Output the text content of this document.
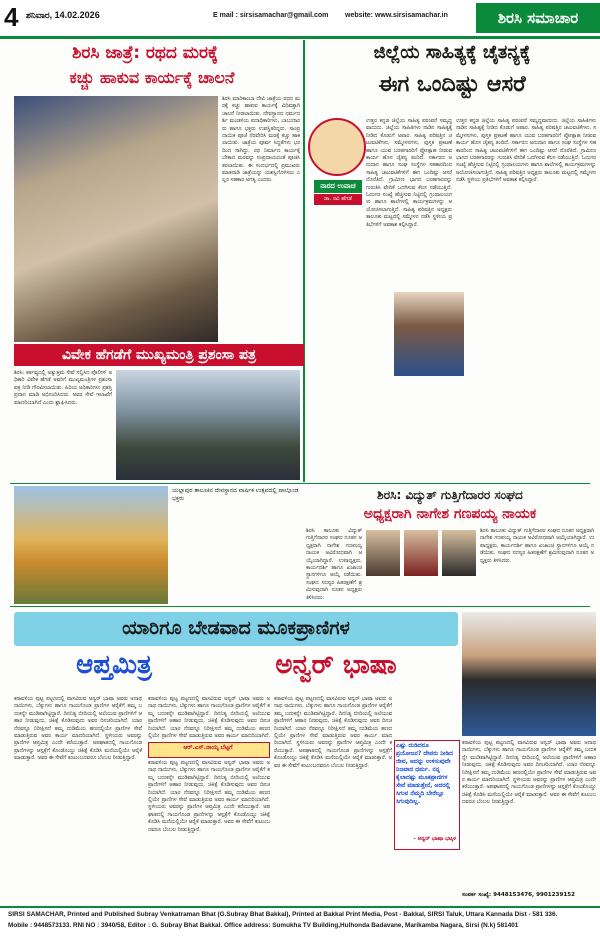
4 ಶನಿವಾರ, 14.02.2026	E mail : sirsisamachar@gmail.com website: www.sirsisamachar.in	ಶಿರಸಿ ಸಮಾಚಾರ
ಶಿರಸಿ ಜಾತ್ರೆ: ರಥದ ಮರಕ್ಕೆ
ಕಚ್ಚು ಹಾಕುವ ಕಾರ್ಯಕ್ಕೆ ಚಾಲನೆ
ಶಿರಸಿ ಮಾರಿಕಾಂಬಾ ದೇವಿ ಜಾತ್ರೆಯ ರಥದ ಮರಕ್ಕೆ ಕಚ್ಚು ಹಾಕುವ ಕಾರ್ಯಕ್ಕೆ ವಿಧಿವತ್ತಾಗಿ ಚಾಲನೆ ನೀಡಲಾಯಿತು. ದೇವಸ್ಥಾನದ ಧರ್ಮದರ್ಶಿ ಮಂಡಳಿಯ ಪದಾಧಿಕಾರಿಗಳು, ಬಾಬುದಾರರು ಹಾಗೂ ಭಕ್ತರು ಉಪಸ್ಥಿತರಿದ್ದರು. ಸಾಂಪ್ರದಾಯಿಕ ಪೂಜೆ ನೆರವೇರಿಸಿ ಮರಕ್ಕೆ ಕಚ್ಚು ಹಾಕಲಾಯಿತು. ಜಾತ್ರೆಯ ಪೂರ್ವ ಸಿದ್ಧತೆಗಳು ಭರದಿಂದ ಸಾಗಿದ್ದು, ರಥ ನಿರ್ಮಾಣ ಕಾರ್ಯಕ್ಕೆ ಬೇಕಾದ ಮರವನ್ನು ಸಂಪ್ರದಾಯದಂತೆ ಪೂಜಿಸಿ ತರಲಾಯಿತು. ಈ ಸಂದರ್ಭದಲ್ಲಿ ಪ್ರಮುಖರು ಮಾತನಾಡಿ ಜಾತ್ರೆಯನ್ನು ಯಶಸ್ವಿಗೊಳಿಸಲು ಎಲ್ಲರ ಸಹಕಾರ ಅಗತ್ಯ ಎಂದರು.
ಜಿಲ್ಲೆಯ ಸಾಹಿತ್ಯಕ್ಕೆ ಚೈತನ್ಯಕ್ಕೆ
ಈಗ ಒಂದಿಷ್ಟು ಆಸರೆ
ನಾರದ ಉವಾಚ
ಡಾ. ರವಿ ಹೆಗಡೆ
ಉತ್ತರ ಕನ್ನಡ ಜಿಲ್ಲೆಯ ಸಾಹಿತ್ಯ ಪರಂಪರೆ ಸಮೃದ್ಧವಾದುದು. ಜಿಲ್ಲೆಯ ಸಾಹಿತಿಗಳು ನಾಡಿನ ಸಾಹಿತ್ಯಕ್ಕೆ ನೀಡಿದ ಕೊಡುಗೆ ಅಪಾರ. ಸಾಹಿತ್ಯ ಪರಿಷತ್ತಿನ ಚಟುವಟಿಕೆಗಳು, ಸಮ್ಮೇಳನಗಳು, ಪುಸ್ತಕ ಪ್ರಕಟಣೆ ಹಾಗೂ ಯುವ ಬರಹಗಾರರಿಗೆ ಪ್ರೋತ್ಸಾಹ ನೀಡುವ ಕಾರ್ಯ ಹೊಸ ಚೈತನ್ಯ ತಂದಿದೆ. ಸರ್ಕಾರದ ಅನುದಾನ ಹಾಗೂ ಸಂಘ ಸಂಸ್ಥೆಗಳ ಸಹಕಾರದಿಂದ ಸಾಹಿತ್ಯ ಚಟುವಟಿಕೆಗಳಿಗೆ ಈಗ ಒಂದಿಷ್ಟು ಆಸರೆ ದೊರೆತಿದೆ. ಗ್ರಾಮೀಣ ಭಾಗದ ಬರಹಗಾರರನ್ನು ಗುರುತಿಸಿ ವೇದಿಕೆ ಒದಗಿಸುವ ಕೆಲಸ ನಡೆಯುತ್ತಿದೆ. ಓದುಗರ ಸಂಖ್ಯೆ ಹೆಚ್ಚಿಸುವ ನಿಟ್ಟಿನಲ್ಲಿ ಗ್ರಂಥಾಲಯಗಳು ಹಾಗೂ ಶಾಲೆಗಳಲ್ಲಿ ಕಾರ್ಯಕ್ರಮಗಳನ್ನು ಆಯೋಜಿಸಲಾಗುತ್ತಿದೆ. ಸಾಹಿತ್ಯ ಪರಿಷತ್ತಿನ ಅಧ್ಯಕ್ಷರು ತಾಲೂಕು ಮಟ್ಟದಲ್ಲಿ ಸಮ್ಮೇಳನ ನಡೆಸಿ ಸ್ಥಳೀಯ ಪ್ರತಿಭೆಗಳಿಗೆ ಅವಕಾಶ ಕಲ್ಪಿಸಿದ್ದಾರೆ.
ಉತ್ತರ ಕನ್ನಡ ಜಿಲ್ಲೆಯ ಸಾಹಿತ್ಯ ಪರಂಪರೆ ಸಮೃದ್ಧವಾದುದು. ಜಿಲ್ಲೆಯ ಸಾಹಿತಿಗಳು ನಾಡಿನ ಸಾಹಿತ್ಯಕ್ಕೆ ನೀಡಿದ ಕೊಡುಗೆ ಅಪಾರ. ಸಾಹಿತ್ಯ ಪರಿಷತ್ತಿನ ಚಟುವಟಿಕೆಗಳು, ಸಮ್ಮೇಳನಗಳು, ಪುಸ್ತಕ ಪ್ರಕಟಣೆ ಹಾಗೂ ಯುವ ಬರಹಗಾರರಿಗೆ ಪ್ರೋತ್ಸಾಹ ನೀಡುವ ಕಾರ್ಯ ಹೊಸ ಚೈತನ್ಯ ತಂದಿದೆ. ಸರ್ಕಾರದ ಅನುದಾನ ಹಾಗೂ ಸಂಘ ಸಂಸ್ಥೆಗಳ ಸಹಕಾರದಿಂದ ಸಾಹಿತ್ಯ ಚಟುವಟಿಕೆಗಳಿಗೆ ಈಗ ಒಂದಿಷ್ಟು ಆಸರೆ ದೊರೆತಿದೆ. ಗ್ರಾಮೀಣ ಭಾಗದ ಬರಹಗಾರರನ್ನು ಗುರುತಿಸಿ ವೇದಿಕೆ ಒದಗಿಸುವ ಕೆಲಸ ನಡೆಯುತ್ತಿದೆ. ಓದುಗರ ಸಂಖ್ಯೆ ಹೆಚ್ಚಿಸುವ ನಿಟ್ಟಿನಲ್ಲಿ ಗ್ರಂಥಾಲಯಗಳು ಹಾಗೂ ಶಾಲೆಗಳಲ್ಲಿ ಕಾರ್ಯಕ್ರಮಗಳನ್ನು ಆಯೋಜಿಸಲಾಗುತ್ತಿದೆ. ಸಾಹಿತ್ಯ ಪರಿಷತ್ತಿನ ಅಧ್ಯಕ್ಷರು ತಾಲೂಕು ಮಟ್ಟದಲ್ಲಿ ಸಮ್ಮೇಳನ ನಡೆಸಿ ಸ್ಥಳೀಯ ಪ್ರತಿಭೆಗಳಿಗೆ ಅವಕಾಶ ಕಲ್ಪಿಸಿದ್ದಾರೆ.
ವಿವೇಕ ಹೆಗಡೆಗೆ ಮುಖ್ಯಮಂತ್ರಿ ಪ್ರಶಂಸಾ ಪತ್ರ
ಶಿರಸಿ: ಕರ್ತವ್ಯದಲ್ಲಿ ಅತ್ಯುತ್ತಮ ಸೇವೆ ಸಲ್ಲಿಸಿದ ಪೊಲೀಸ್ ಅಧಿಕಾರಿ ವಿವೇಕ ಹೆಗಡೆ ಅವರಿಗೆ ಮುಖ್ಯಮಂತ್ರಿಗಳ ಪ್ರಶಂಸಾ ಪತ್ರ ನೀಡಿ ಗೌರವಿಸಲಾಯಿತು. ಹಿರಿಯ ಅಧಿಕಾರಿಗಳು ಪ್ರಶಸ್ತಿ ಪ್ರದಾನ ಮಾಡಿ ಅಭಿನಂದಿಸಿದರು. ಅವರ ಸೇವೆ ಇಲಾಖೆಗೆ ಮಾದರಿಯಾಗಿದೆ ಎಂದು ಶ್ಲಾಘಿಸಿದರು.
ಯಲ್ಲಾಪುರ ತಾಲೂಕಿನ ದೇವಸ್ಥಾನದ ವಾರ್ಷಿಕ ಉತ್ಸವದಲ್ಲಿ ಪಾಲ್ಗೊಂಡ ಭಕ್ತರು	ಶಿರಸಿ: ವಿದ್ಯುತ್ ಗುತ್ತಿಗೆದಾರರ ಸಂಘದ
ಅಧ್ಯಕ್ಷರಾಗಿ ನಾಗೇಶ ಗಣಪಯ್ಯ ನಾಯಕ
ಶಿರಸಿ ತಾಲೂಕು ವಿದ್ಯುತ್ ಗುತ್ತಿಗೆದಾರರ ಸಂಘದ ನೂತನ ಅಧ್ಯಕ್ಷರಾಗಿ ನಾಗೇಶ ಗಣಪಯ್ಯ ನಾಯಕ ಅವಿರೋಧವಾಗಿ ಆಯ್ಕೆಯಾಗಿದ್ದಾರೆ. ಉಪಾಧ್ಯಕ್ಷರು, ಕಾರ್ಯದರ್ಶಿ ಹಾಗೂ ಖಜಾಂಚಿ ಸ್ಥಾನಗಳಿಗೂ ಆಯ್ಕೆ ನಡೆಯಿತು. ಸಂಘದ ಸದಸ್ಯರ ಹಿತರಕ್ಷಣೆಗೆ ಶ್ರಮಿಸುವುದಾಗಿ ನೂತನ ಅಧ್ಯಕ್ಷರು ತಿಳಿಸಿದರು.
ಶಿರಸಿ ತಾಲೂಕು ವಿದ್ಯುತ್ ಗುತ್ತಿಗೆದಾರರ ಸಂಘದ ನೂತನ ಅಧ್ಯಕ್ಷರಾಗಿ ನಾಗೇಶ ಗಣಪಯ್ಯ ನಾಯಕ ಅವಿರೋಧವಾಗಿ ಆಯ್ಕೆಯಾಗಿದ್ದಾರೆ. ಉಪಾಧ್ಯಕ್ಷರು, ಕಾರ್ಯದರ್ಶಿ ಹಾಗೂ ಖಜಾಂಚಿ ಸ್ಥಾನಗಳಿಗೂ ಆಯ್ಕೆ ನಡೆಯಿತು. ಸಂಘದ ಸದಸ್ಯರ ಹಿತರಕ್ಷಣೆಗೆ ಶ್ರಮಿಸುವುದಾಗಿ ನೂತನ ಅಧ್ಯಕ್ಷರು ತಿಳಿಸಿದರು.
ಯಾರಿಗೂ ಬೇಡವಾದ ಮೂಕಪ್ರಾಣಿಗಳ
ಆಪ್ತಮಿತ್ರ	ಅನ್ವರ್ ಭಾಷಾ
ಕರಾವಳಿಯ ಪುಟ್ಟ ಪಟ್ಟಣದಲ್ಲಿ ವಾಸವಿರುವ ಅನ್ವರ್ ಭಾಷಾ ಅವರು ಅನಾಥ ನಾಯಿಗಳು, ಬೆಕ್ಕುಗಳು ಹಾಗೂ ಗಾಯಗೊಂಡ ಪ್ರಾಣಿಗಳ ಆರೈಕೆಗೆ ತಮ್ಮ ಬದುಕನ್ನೇ ಮುಡಿಪಾಗಿಟ್ಟಿದ್ದಾರೆ. ದಿನನಿತ್ಯ ಬೀದಿಯಲ್ಲಿ ಅಲೆಯುವ ಪ್ರಾಣಿಗಳಿಗೆ ಆಹಾರ ನೀಡುವುದು, ಚಿಕಿತ್ಸೆ ಕೊಡಿಸುವುದು ಅವರ ದಿನಚರಿಯಾಗಿದೆ. ಯಾರ ನೆರವನ್ನೂ ನಿರೀಕ್ಷಿಸದೆ ತಮ್ಮ ದುಡಿಮೆಯ ಹಣದಲ್ಲಿಯೇ ಪ್ರಾಣಿಗಳ ಸೇವೆ ಮಾಡುತ್ತಿರುವ ಅವರ ಕಾರ್ಯ ಮಾದರಿಯಾಗಿದೆ. ಸ್ಥಳೀಯರು ಅವರನ್ನು ಪ್ರಾಣಿಗಳ ಆಪ್ತಮಿತ್ರ ಎಂದೇ ಕರೆಯುತ್ತಾರೆ. ಅಪಘಾತದಲ್ಲಿ ಗಾಯಗೊಂಡ ಪ್ರಾಣಿಗಳನ್ನು ಆಸ್ಪತ್ರೆಗೆ ಕೊಂಡೊಯ್ದು ಚಿಕಿತ್ಸೆ ಕೊಡಿಸಿ ಮನೆಯಲ್ಲಿಯೇ ಆರೈಕೆ ಮಾಡುತ್ತಾರೆ. ಅವರ ಈ ಸೇವೆಗೆ ಕುಟುಂಬದವರೂ ಬೆಂಬಲ ನೀಡುತ್ತಿದ್ದಾರೆ.
ಆರ್.ಎಸ್.ನಾಯ್ಕ ಬೆಟ್ಟಗೆ
ಕರಾವಳಿಯ ಪುಟ್ಟ ಪಟ್ಟಣದಲ್ಲಿ ವಾಸವಿರುವ ಅನ್ವರ್ ಭಾಷಾ ಅವರು ಅನಾಥ ನಾಯಿಗಳು, ಬೆಕ್ಕುಗಳು ಹಾಗೂ ಗಾಯಗೊಂಡ ಪ್ರಾಣಿಗಳ ಆರೈಕೆಗೆ ತಮ್ಮ ಬದುಕನ್ನೇ ಮುಡಿಪಾಗಿಟ್ಟಿದ್ದಾರೆ. ದಿನನಿತ್ಯ ಬೀದಿಯಲ್ಲಿ ಅಲೆಯುವ ಪ್ರಾಣಿಗಳಿಗೆ ಆಹಾರ ನೀಡುವುದು, ಚಿಕಿತ್ಸೆ ಕೊಡಿಸುವುದು ಅವರ ದಿನಚರಿಯಾಗಿದೆ. ಯಾರ ನೆರವನ್ನೂ ನಿರೀಕ್ಷಿಸದೆ ತಮ್ಮ ದುಡಿಮೆಯ ಹಣದಲ್ಲಿಯೇ ಪ್ರಾಣಿಗಳ ಸೇವೆ ಮಾಡುತ್ತಿರುವ ಅವರ ಕಾರ್ಯ ಮಾದರಿಯಾಗಿದೆ.
ಕರಾವಳಿಯ ಪುಟ್ಟ ಪಟ್ಟಣದಲ್ಲಿ ವಾಸವಿರುವ ಅನ್ವರ್ ಭಾಷಾ ಅವರು ಅನಾಥ ನಾಯಿಗಳು, ಬೆಕ್ಕುಗಳು ಹಾಗೂ ಗಾಯಗೊಂಡ ಪ್ರಾಣಿಗಳ ಆರೈಕೆಗೆ ತಮ್ಮ ಬದುಕನ್ನೇ ಮುಡಿಪಾಗಿಟ್ಟಿದ್ದಾರೆ. ದಿನನಿತ್ಯ ಬೀದಿಯಲ್ಲಿ ಅಲೆಯುವ ಪ್ರಾಣಿಗಳಿಗೆ ಆಹಾರ ನೀಡುವುದು, ಚಿಕಿತ್ಸೆ ಕೊಡಿಸುವುದು ಅವರ ದಿನಚರಿಯಾಗಿದೆ. ಯಾರ ನೆರವನ್ನೂ ನಿರೀಕ್ಷಿಸದೆ ತಮ್ಮ ದುಡಿಮೆಯ ಹಣದಲ್ಲಿಯೇ ಪ್ರಾಣಿಗಳ ಸೇವೆ ಮಾಡುತ್ತಿರುವ ಅವರ ಕಾರ್ಯ ಮಾದರಿಯಾಗಿದೆ. ಸ್ಥಳೀಯರು ಅವರನ್ನು ಪ್ರಾಣಿಗಳ ಆಪ್ತಮಿತ್ರ ಎಂದೇ ಕರೆಯುತ್ತಾರೆ. ಅಪಘಾತದಲ್ಲಿ ಗಾಯಗೊಂಡ ಪ್ರಾಣಿಗಳನ್ನು ಆಸ್ಪತ್ರೆಗೆ ಕೊಂಡೊಯ್ದು ಚಿಕಿತ್ಸೆ ಕೊಡಿಸಿ ಮನೆಯಲ್ಲಿಯೇ ಆರೈಕೆ ಮಾಡುತ್ತಾರೆ. ಅವರ ಈ ಸೇವೆಗೆ ಕುಟುಂಬದವರೂ ಬೆಂಬಲ ನೀಡುತ್ತಿದ್ದಾರೆ.
ಕರಾವಳಿಯ ಪುಟ್ಟ ಪಟ್ಟಣದಲ್ಲಿ ವಾಸವಿರುವ ಅನ್ವರ್ ಭಾಷಾ ಅವರು ಅನಾಥ ನಾಯಿಗಳು, ಬೆಕ್ಕುಗಳು ಹಾಗೂ ಗಾಯಗೊಂಡ ಪ್ರಾಣಿಗಳ ಆರೈಕೆಗೆ ತಮ್ಮ ಬದುಕನ್ನೇ ಮುಡಿಪಾಗಿಟ್ಟಿದ್ದಾರೆ. ದಿನನಿತ್ಯ ಬೀದಿಯಲ್ಲಿ ಅಲೆಯುವ ಪ್ರಾಣಿಗಳಿಗೆ ಆಹಾರ ನೀಡುವುದು, ಚಿಕಿತ್ಸೆ ಕೊಡಿಸುವುದು ಅವರ ದಿನಚರಿಯಾಗಿದೆ. ಯಾರ ನೆರವನ್ನೂ ನಿರೀಕ್ಷಿಸದೆ ತಮ್ಮ ದುಡಿಮೆಯ ಹಣದಲ್ಲಿಯೇ ಪ್ರಾಣಿಗಳ ಸೇವೆ ಮಾಡುತ್ತಿರುವ ಅವರ ಕಾರ್ಯ ಮಾದರಿಯಾಗಿದೆ. ಸ್ಥಳೀಯರು ಅವರನ್ನು ಪ್ರಾಣಿಗಳ ಆಪ್ತಮಿತ್ರ ಎಂದೇ ಕರೆಯುತ್ತಾರೆ. ಅಪಘಾತದಲ್ಲಿ ಗಾಯಗೊಂಡ ಪ್ರಾಣಿಗಳನ್ನು ಆಸ್ಪತ್ರೆಗೆ ಕೊಂಡೊಯ್ದು ಚಿಕಿತ್ಸೆ ಕೊಡಿಸಿ ಮನೆಯಲ್ಲಿಯೇ ಆರೈಕೆ ಮಾಡುತ್ತಾರೆ. ಅವರ ಈ ಸೇವೆಗೆ ಕುಟುಂಬದವರೂ ಬೆಂಬಲ ನೀಡುತ್ತಿದ್ದಾರೆ.
ಎಷ್ಟು ದುಡಿದರೂ ಪ್ರಯೋಜನ? ದೇವರು ನೀಡಿದ ಜೀವ, ಅದನ್ನು ಉಳಿಸುವುದೇ ನಿಜವಾದ ಧರ್ಮ. ನನ್ನ ಕೈಲಾದಷ್ಟು ಮೂಕಪ್ರಾಣಿಗಳ ಸೇವೆ ಮಾಡುತ್ತೇನೆ, ಅದರಲ್ಲಿ ಸಿಗುವ ನೆಮ್ಮದಿ ಬೇರೆಲ್ಲೂ ಸಿಗುವುದಿಲ್ಲ.
- ಅನ್ವರ್ ಭಾಷಾ ಭಟ್ಕಳ
ಕರಾವಳಿಯ ಪುಟ್ಟ ಪಟ್ಟಣದಲ್ಲಿ ವಾಸವಿರುವ ಅನ್ವರ್ ಭಾಷಾ ಅವರು ಅನಾಥ ನಾಯಿಗಳು, ಬೆಕ್ಕುಗಳು ಹಾಗೂ ಗಾಯಗೊಂಡ ಪ್ರಾಣಿಗಳ ಆರೈಕೆಗೆ ತಮ್ಮ ಬದುಕನ್ನೇ ಮುಡಿಪಾಗಿಟ್ಟಿದ್ದಾರೆ. ದಿನನಿತ್ಯ ಬೀದಿಯಲ್ಲಿ ಅಲೆಯುವ ಪ್ರಾಣಿಗಳಿಗೆ ಆಹಾರ ನೀಡುವುದು, ಚಿಕಿತ್ಸೆ ಕೊಡಿಸುವುದು ಅವರ ದಿನಚರಿಯಾಗಿದೆ. ಯಾರ ನೆರವನ್ನೂ ನಿರೀಕ್ಷಿಸದೆ ತಮ್ಮ ದುಡಿಮೆಯ ಹಣದಲ್ಲಿಯೇ ಪ್ರಾಣಿಗಳ ಸೇವೆ ಮಾಡುತ್ತಿರುವ ಅವರ ಕಾರ್ಯ ಮಾದರಿಯಾಗಿದೆ. ಸ್ಥಳೀಯರು ಅವರನ್ನು ಪ್ರಾಣಿಗಳ ಆಪ್ತಮಿತ್ರ ಎಂದೇ ಕರೆಯುತ್ತಾರೆ. ಅಪಘಾತದಲ್ಲಿ ಗಾಯಗೊಂಡ ಪ್ರಾಣಿಗಳನ್ನು ಆಸ್ಪತ್ರೆಗೆ ಕೊಂಡೊಯ್ದು ಚಿಕಿತ್ಸೆ ಕೊಡಿಸಿ ಮನೆಯಲ್ಲಿಯೇ ಆರೈಕೆ ಮಾಡುತ್ತಾರೆ. ಅವರ ಈ ಸೇವೆಗೆ ಕುಟುಂಬದವರೂ ಬೆಂಬಲ ನೀಡುತ್ತಿದ್ದಾರೆ.
ಸಂಪರ್ಕ ಸಂಖ್ಯೆ: 9448153476, 9901239152
SIRSI SAMACHAR, Printed and Published Subray Venkatraman Bhat (G.Subray Bhat Bakkal), Printed at Bakkal Print Media, Post - Bakkal, SIRSI Taluk, Uttara Kannada Dist - 581 336.
Mobile : 9448573133. RNI NO : 3940/58, Editor : G. Subray Bhat Bakkal. Office address: Sumukha TV Building,Hulhonda Badavane, Marikamba Nagara, Sirsi (N.k) 581401
